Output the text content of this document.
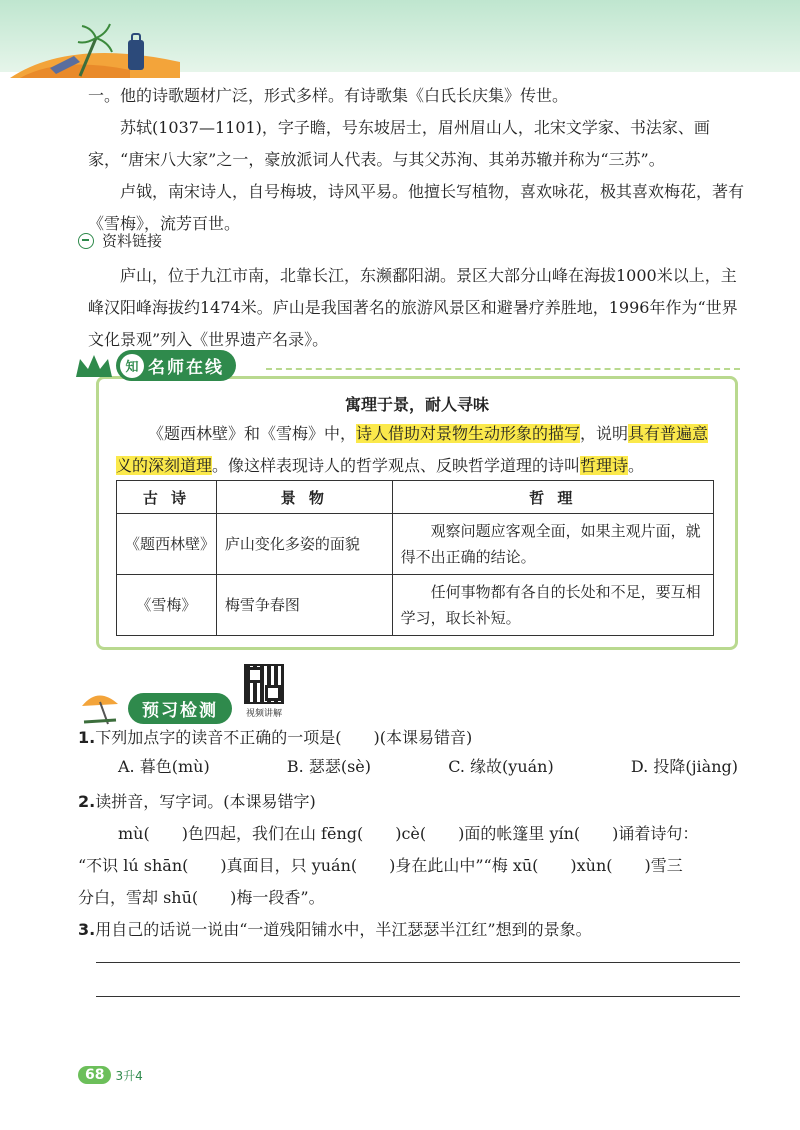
一。他的诗歌题材广泛，形式多样。有诗歌集《白氏长庆集》传世。

苏轼(1037—1101)，字子瞻，号东坡居士，眉州眉山人，北宋文学家、书法家、画家，“唐宋八大家”之一，豪放派词人代表。与其父苏洵、其弟苏辙并称为“三苏”。

卢钺，南宋诗人，自号梅坡，诗风平易。他擅长写植物，喜欢咏花，极其喜欢梅花，著有《雪梅》，流芳百世。

资料链接

庐山，位于九江市南，北靠长江，东濒鄱阳湖。景区大部分山峰在海拔1000米以上，主峰汉阳峰海拔约1474米。庐山是我国著名的旅游风景区和避暑疗养胜地，1996年作为“世界文化景观”列入《世界遗产名录》。

知 名师在线
寓理于景，耐人寻味

《题西林壁》和《雪梅》中，诗人借助对景物生动形象的描写，说明具有普遍意义的深刻道理。像这样表现诗人的哲学观点、反映哲学道理的诗叫哲理诗。

古 诗	景 物	哲 理
《题西林壁》	庐山变化多姿的面貌	观察问题应客观全面，如果主观片面，就得不出正确的结论。
《雪梅》	梅雪争春图	任何事物都有各自的长处和不足，要互相学习，取长补短。
预习检测	视频讲解
1.下列加点字的读音不正确的一项是(　　)(本课易错音)
A. 暮色(mù)	B. 瑟瑟(sè)	C. 缘故(yuán)	D. 投降(jiàng)
2.读拼音，写字词。(本课易错字)
mù(　　)色四起，我们在山 fēng(　　)cè(　　)面的帐篷里 yín(　　)诵着诗句：
“不识 lú shān(　　)真面目，只 yuán(　　)身在此山中”“梅 xū(　　)xùn(　　)雪三
分白，雪却 shū(　　)梅一段香”。
3.用自己的话说一说由“一道残阳铺水中，半江瑟瑟半江红”想到的景象。
68 3升4
